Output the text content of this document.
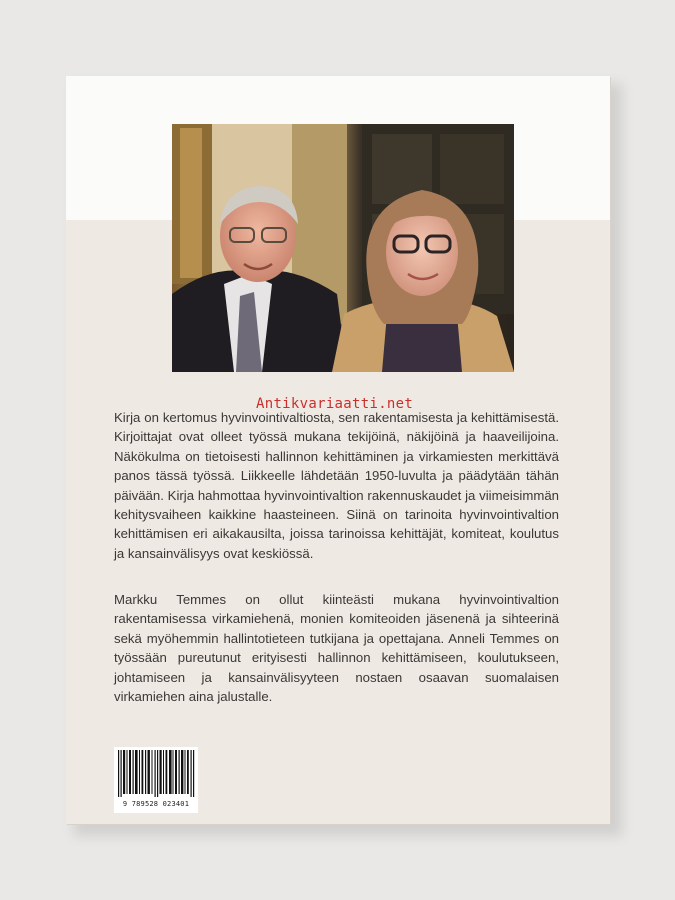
Antikvariaatti.net

Kirja on kertomus hyvinvointivaltiosta, sen rakentamisesta ja kehittämisestä. Kirjoittajat ovat olleet työssä mukana tekijöinä, näkijöinä ja haaveilijoina. Näkökulma on tietoisesti hallinnon kehittäminen ja virkamiesten merkittävä panos tässä työssä. Liikkeelle lähdetään 1950-luvulta ja päädytään tähän päivään. Kirja hahmottaa hyvinvointivaltion rakennuskaudet ja viimeisimmän kehitysvaiheen kaikkine haasteineen. Siinä on tarinoita hyvinvointivaltion kehittämisen eri aikakausilta, joissa tarinoissa kehittäjät, komiteat, koulutus ja kansainvälisyys ovat keskiössä.

Markku Temmes on ollut kiinteästi mukana hyvinvointivaltion rakentamisessa virkamiehenä, monien komiteoiden jäsenenä ja sihteerinä sekä myöhemmin hallintotieteen tutkijana ja opettajana. Anneli Temmes on työssään pureutunut erityisesti hallinnon kehittämiseen, koulutukseen, johtamiseen ja kansainvälisyyteen nostaen osaavan suomalaisen virkamiehen aina jalustalle.

9 789528 023401
